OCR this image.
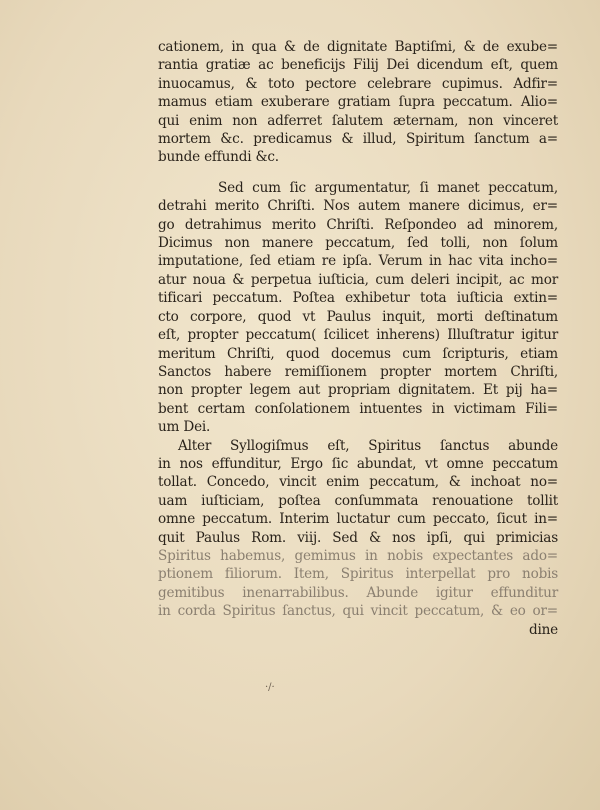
cationem, in qua & de dignitate Baptiſmi, & de exube=
rantia gratiæ ac beneficijs Filij Dei dicendum eſt, quem
inuocamus, & toto pectore celebrare cupimus. Adfir=
mamus etiam exuberare gratiam ſupra peccatum. Alio=
qui enim non adferret ſalutem æternam, non vinceret
mortem &c. predicamus & illud, Spiritum ſanctum a=
bunde effundi &c.
Sed cum ſic argumentatur, ſi manet peccatum,
detrahi merito Chriſti. Nos autem manere dicimus, er=
go detrahimus merito Chriſti. Reſpondeo ad minorem,
Dicimus non manere peccatum, ſed tolli, non ſolum
imputatione, ſed etiam re ipſa. Verum in hac vita incho=
atur noua & perpetua iuſticia, cum deleri incipit, ac mor
tificari peccatum. Poſtea exhibetur tota iuſticia extin=
cto corpore, quod vt Paulus inquit, morti deſtinatum
eſt, propter peccatum( ſcilicet inherens) Illuſtratur igitur
meritum Chriſti, quod docemus cum ſcripturis, etiam
Sanctos habere remiſſionem propter mortem Chriſti,
non propter legem aut propriam dignitatem. Et pij ha=
bent certam conſolationem intuentes in victimam Fili=
um Dei.
Alter Syllogiſmus eſt, Spiritus ſanctus abunde
in nos effunditur, Ergo ſic abundat, vt omne peccatum
tollat. Concedo, vincit enim peccatum, & inchoat no=
uam iuſticiam, poſtea conſummata renouatione tollit
omne peccatum. Interim luctatur cum peccato, ſicut in=
quit Paulus Rom. viij. Sed & nos ipſi, qui primicias
Spiritus habemus, gemimus in nobis expectantes ado=
ptionem filiorum. Item, Spiritus interpellat pro nobis
gemitibus inenarrabilibus. Abunde igitur effunditur
in corda Spiritus ſanctus, qui vincit peccatum, & eo or=
dine
·/·
